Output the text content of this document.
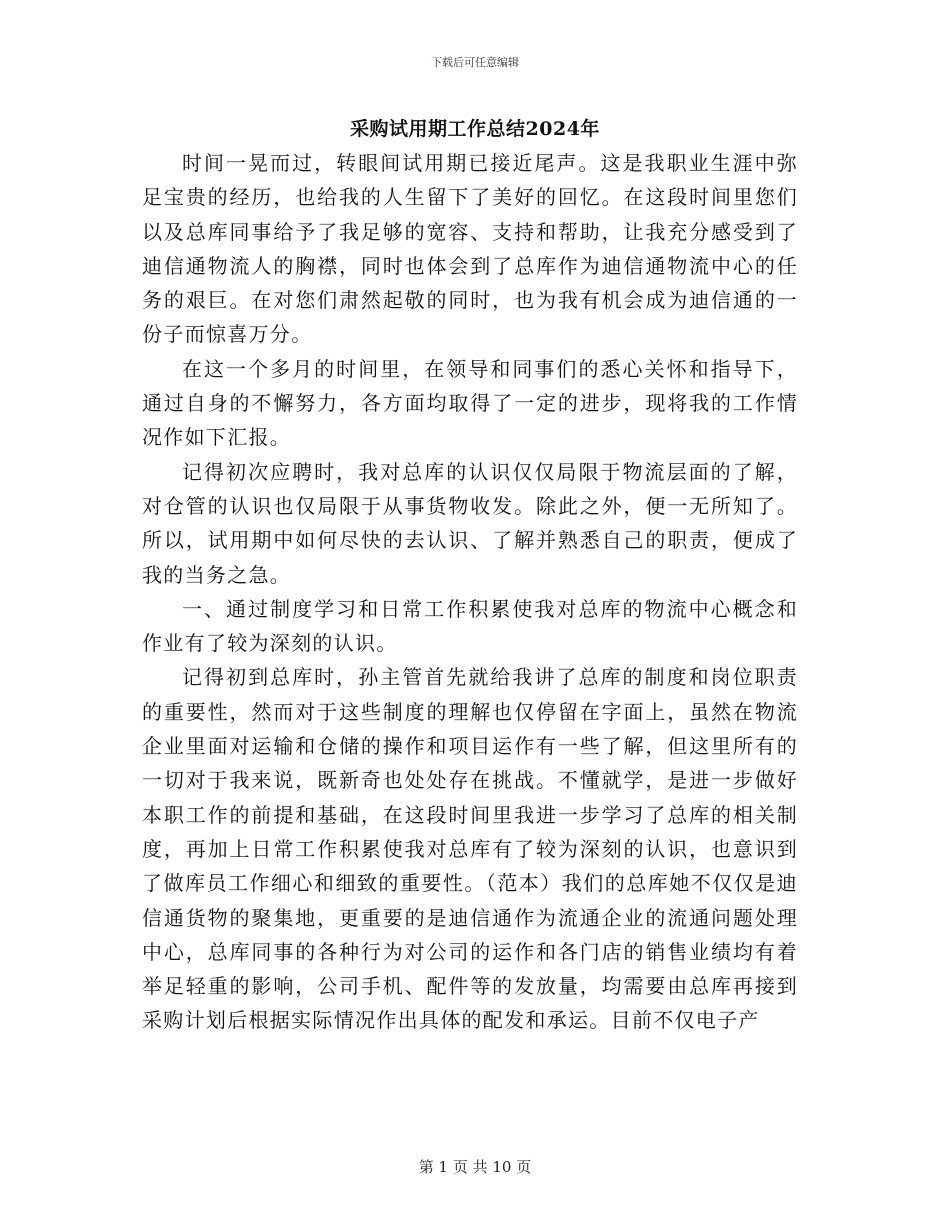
下载后可任意编辑
采购试用期工作总结2024年

时间一晃而过，转眼间试用期已接近尾声。这是我职业生涯中弥足宝贵的经历，也给我的人生留下了美好的回忆。在这段时间里您们以及总库同事给予了我足够的宽容、支持和帮助，让我充分感受到了迪信通物流人的胸襟，同时也体会到了总库作为迪信通物流中心的任务的艰巨。在对您们肃然起敬的同时，也为我有机会成为迪信通的一份子而惊喜万分。

在这一个多月的时间里，在领导和同事们的悉心关怀和指导下，通过自身的不懈努力，各方面均取得了一定的进步，现将我的工作情况作如下汇报。

记得初次应聘时，我对总库的认识仅仅局限于物流层面的了解，对仓管的认识也仅局限于从事货物收发。除此之外，便一无所知了。所以，试用期中如何尽快的去认识、了解并熟悉自己的职责，便成了我的当务之急。

一、通过制度学习和日常工作积累使我对总库的物流中心概念和作业有了较为深刻的认识。

记得初到总库时，孙主管首先就给我讲了总库的制度和岗位职责的重要性，然而对于这些制度的理解也仅停留在字面上，虽然在物流企业里面对运输和仓储的操作和项目运作有一些了解，但这里所有的一切对于我来说，既新奇也处处存在挑战。不懂就学，是进一步做好本职工作的前提和基础，在这段时间里我进一步学习了总库的相关制度，再加上日常工作积累使我对总库有了较为深刻的认识，也意识到了做库员工作细心和细致的重要性。（范本）我们的总库她不仅仅是迪信通货物的聚集地，更重要的是迪信通作为流通企业的流通问题处理中心，总库同事的各种行为对公司的运作和各门店的销售业绩均有着举足轻重的影响，公司手机、配件等的发放量，均需要由总库再接到采购计划后根据实际情况作出具体的配发和承运。目前不仅电子产

第 1 页 共 10 页
